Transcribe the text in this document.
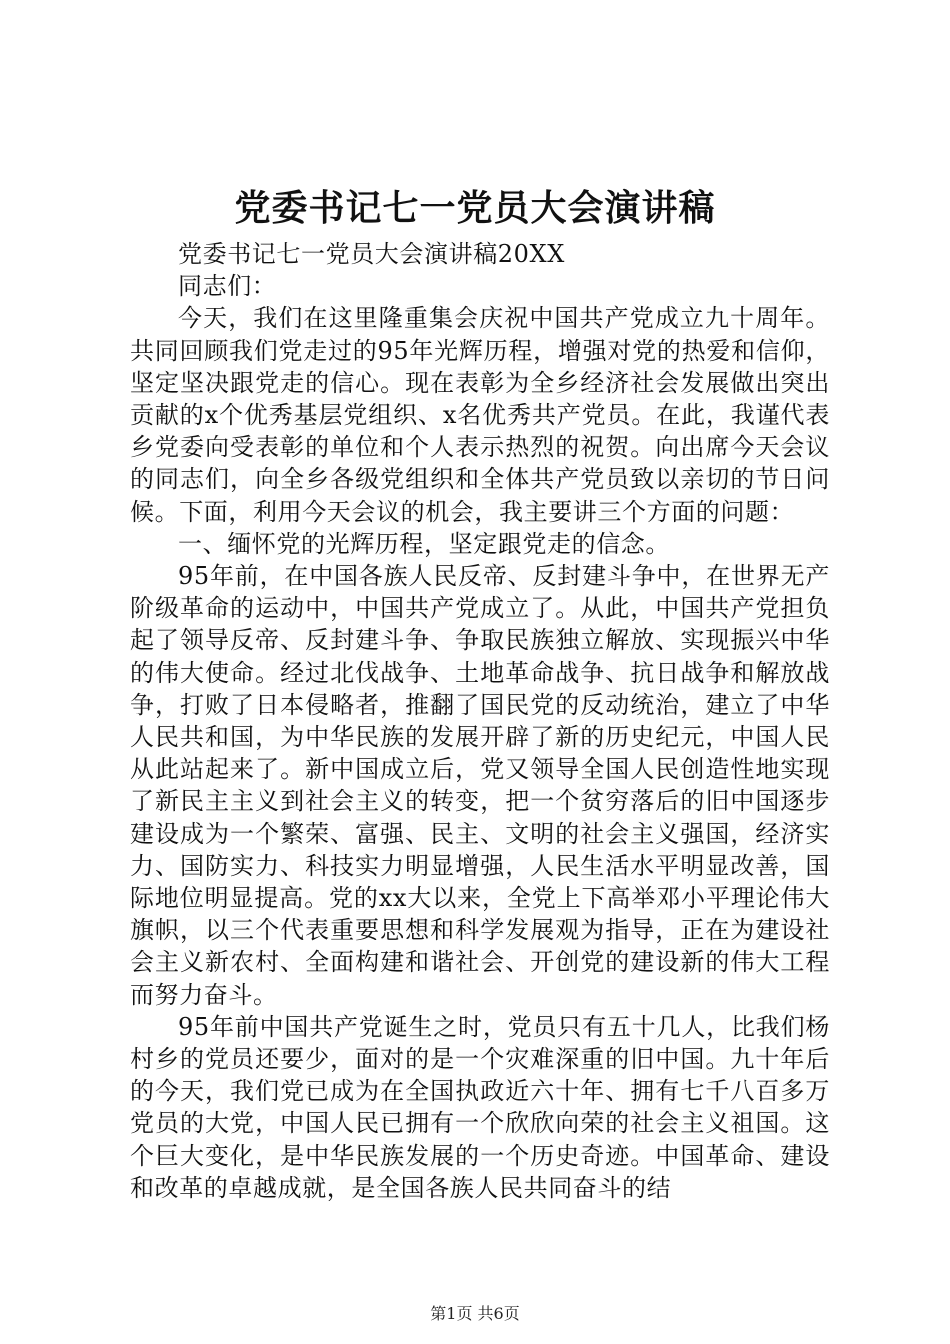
党委书记七一党员大会演讲稿

党委书记七一党员大会演讲稿20XX

同志们：

今天，我们在这里隆重集会庆祝中国共产党成立九十周年。共同回顾我们党走过的95年光辉历程，增强对党的热爱和信仰，坚定坚决跟党走的信心。现在表彰为全乡经济社会发展做出突出贡献的x个优秀基层党组织、x名优秀共产党员。在此，我谨代表乡党委向受表彰的单位和个人表示热烈的祝贺。向出席今天会议的同志们，向全乡各级党组织和全体共产党员致以亲切的节日问候。下面，利用今天会议的机会，我主要讲三个方面的问题：

一、缅怀党的光辉历程，坚定跟党走的信念。

95年前，在中国各族人民反帝、反封建斗争中，在世界无产阶级革命的运动中，中国共产党成立了。从此，中国共产党担负起了领导反帝、反封建斗争、争取民族独立解放、实现振兴中华的伟大使命。经过北伐战争、土地革命战争、抗日战争和解放战争，打败了日本侵略者，推翻了国民党的反动统治，建立了中华人民共和国，为中华民族的发展开辟了新的历史纪元，中国人民从此站起来了。新中国成立后，党又领导全国人民创造性地实现了新民主主义到社会主义的转变，把一个贫穷落后的旧中国逐步建设成为一个繁荣、富强、民主、文明的社会主义强国，经济实力、国防实力、科技实力明显增强，人民生活水平明显改善，国际地位明显提高。党的xx大以来，全党上下高举邓小平理论伟大旗帜，以三个代表重要思想和科学发展观为指导，正在为建设社会主义新农村、全面构建和谐社会、开创党的建设新的伟大工程而努力奋斗。

95年前中国共产党诞生之时，党员只有五十几人，比我们杨村乡的党员还要少，面对的是一个灾难深重的旧中国。九十年后的今天，我们党已成为在全国执政近六十年、拥有七千八百多万党员的大党，中国人民已拥有一个欣欣向荣的社会主义祖国。这个巨大变化，是中华民族发展的一个历史奇迹。中国革命、建设和改革的卓越成就，是全国各族人民共同奋斗的结

第1页 共6页
